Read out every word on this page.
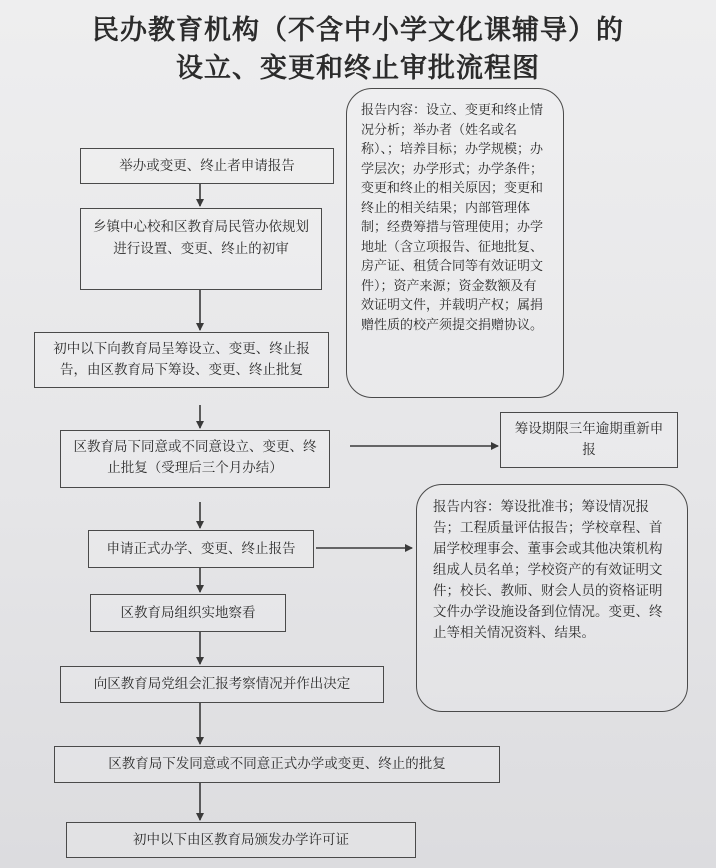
民办教育机构（不含中小学文化课辅导）的
设立、变更和终止审批流程图
举办或变更、终止者申请报告
乡镇中心校和区教育局民管办依规划进行设置、变更、终止的初审
初中以下向教育局呈筹设立、变更、终止报告，由区教育局下筹设、变更、终止批复
区教育局下同意或不同意设立、变更、终止批复（受理后三个月办结）
筹设期限三年逾期重新申报
申请正式办学、变更、终止报告
区教育局组织实地察看
向区教育局党组会汇报考察情况并作出决定
区教育局下发同意或不同意正式办学或变更、终止的批复
初中以下由区教育局颁发办学许可证
报告内容：设立、变更和终止情况分析；举办者（姓名或名称）、；培养目标；办学规模；办学层次；办学形式；办学条件；变更和终止的相关原因；变更和终止的相关结果；内部管理体制；经费筹措与管理使用；办学地址（含立项报告、征地批复、房产证、租赁合同等有效证明文件）；资产来源；资金数额及有效证明文件，并载明产权；属捐赠性质的校产须提交捐赠协议。
报告内容：筹设批准书；筹设情况报告；工程质量评估报告；学校章程、首届学校理事会、董事会或其他决策机构组成人员名单；学校资产的有效证明文件；校长、教师、财会人员的资格证明文件办学设施设备到位情况。变更、终止等相关情况资料、结果。
